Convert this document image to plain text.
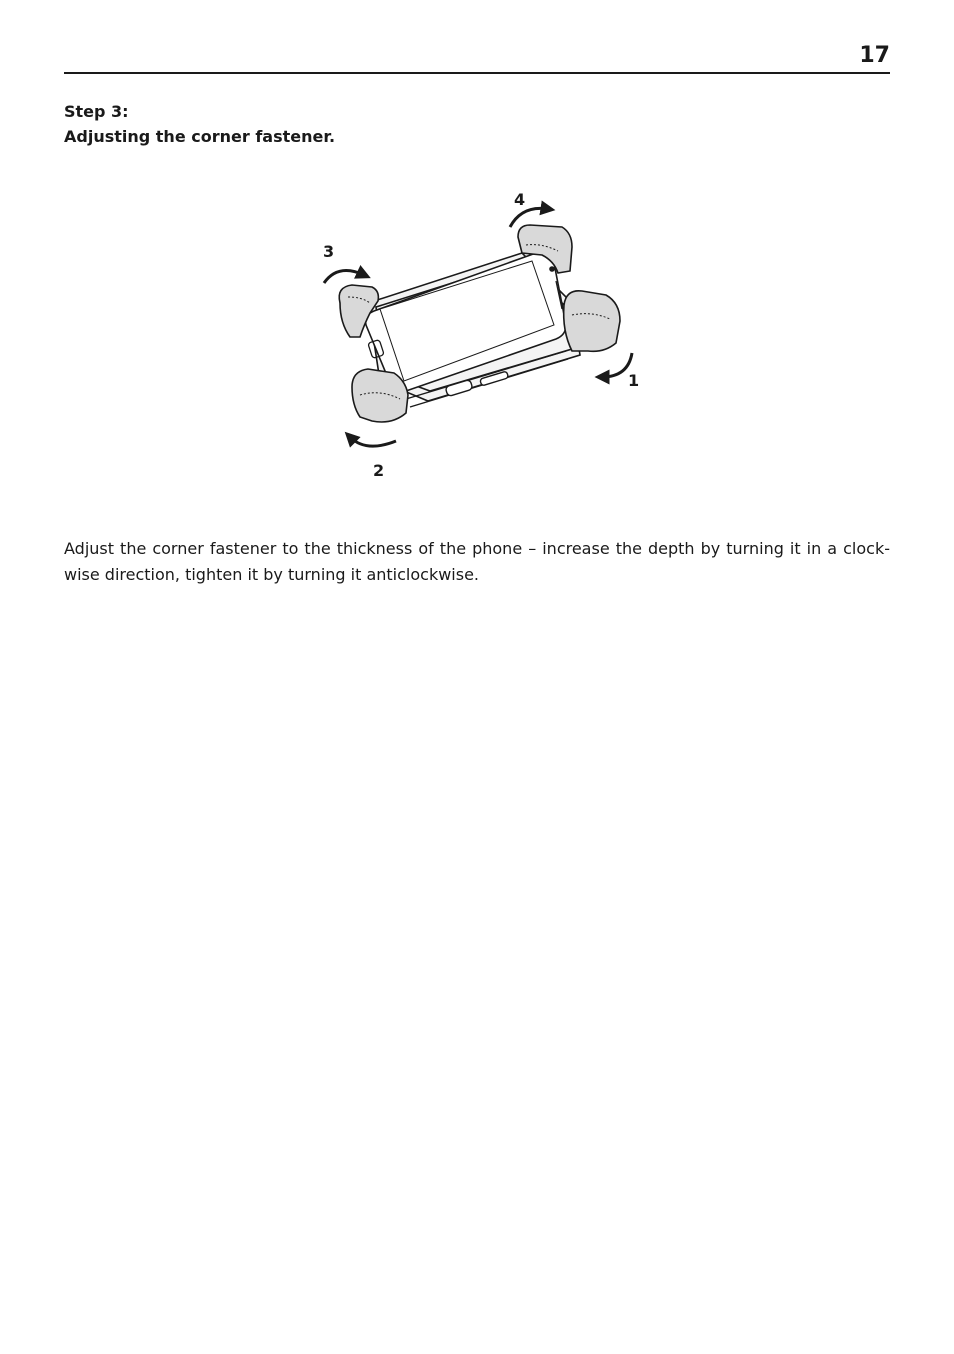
17
Step 3:
Adjusting the corner fastener.
4
3
1
2
Adjust the corner fastener to the thickness of the phone – increase the depth by turning it in a clock-wise direction, tighten it by turning it anticlockwise.
